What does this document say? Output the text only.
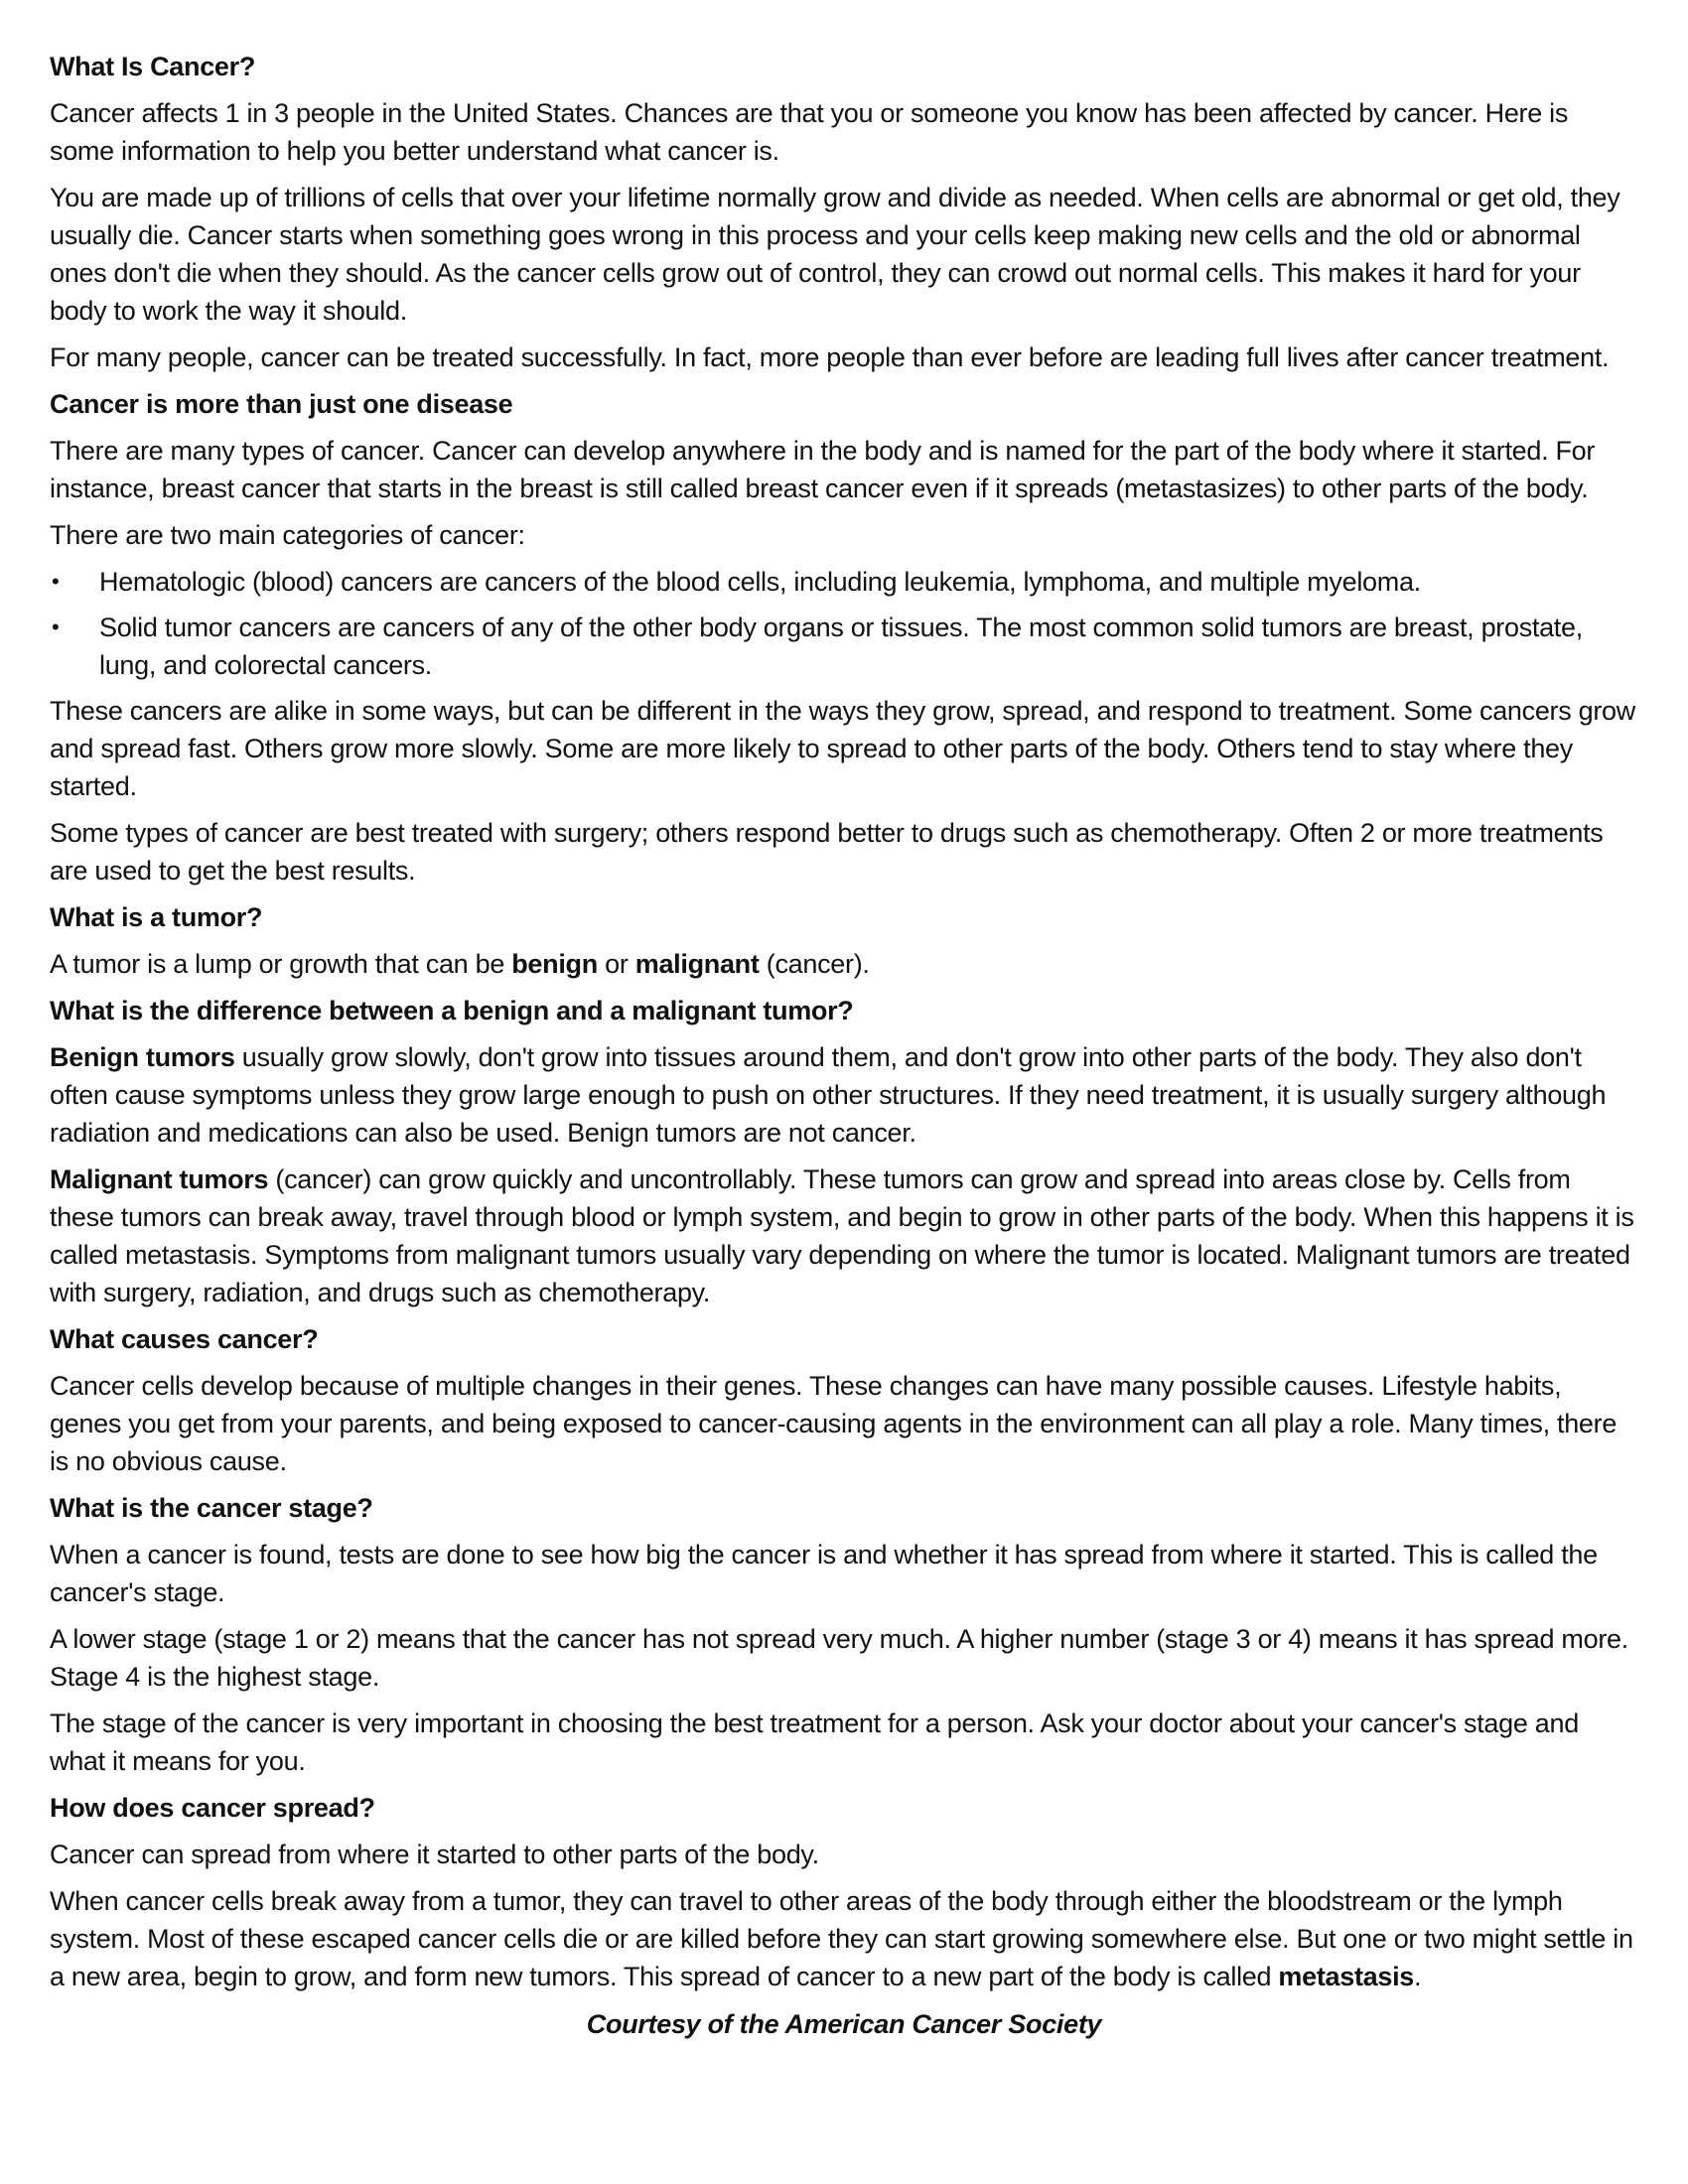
What Is Cancer?

Cancer affects 1 in 3 people in the United States. Chances are that you or someone you know has been affected by cancer. Here is some information to help you better understand what cancer is.

You are made up of trillions of cells that over your lifetime normally grow and divide as needed. When cells are abnormal or get old, they usually die. Cancer starts when something goes wrong in this process and your cells keep making new cells and the old or abnormal ones don't die when they should. As the cancer cells grow out of control, they can crowd out normal cells. This makes it hard for your body to work the way it should.

For many people, cancer can be treated successfully. In fact, more people than ever before are leading full lives after cancer treatment.

Cancer is more than just one disease

There are many types of cancer. Cancer can develop anywhere in the body and is named for the part of the body where it started. For instance, breast cancer that starts in the breast is still called breast cancer even if it spreads (metastasizes) to other parts of the body.

There are two main categories of cancer:

• Hematologic (blood) cancers are cancers of the blood cells, including leukemia, lymphoma, and multiple myeloma.
• Solid tumor cancers are cancers of any of the other body organs or tissues. The most common solid tumors are breast, prostate, lung, and colorectal cancers.

These cancers are alike in some ways, but can be different in the ways they grow, spread, and respond to treatment. Some cancers grow and spread fast. Others grow more slowly. Some are more likely to spread to other parts of the body. Others tend to stay where they started.

Some types of cancer are best treated with surgery; others respond better to drugs such as chemotherapy. Often 2 or more treatments are used to get the best results.

What is a tumor?

A tumor is a lump or growth that can be benign or malignant (cancer).

What is the difference between a benign and a malignant tumor?

Benign tumors usually grow slowly, don't grow into tissues around them, and don't grow into other parts of the body. They also don't often cause symptoms unless they grow large enough to push on other structures. If they need treatment, it is usually surgery although radiation and medications can also be used. Benign tumors are not cancer.

Malignant tumors (cancer) can grow quickly and uncontrollably. These tumors can grow and spread into areas close by. Cells from these tumors can break away, travel through blood or lymph system, and begin to grow in other parts of the body. When this happens it is called metastasis. Symptoms from malignant tumors usually vary depending on where the tumor is located. Malignant tumors are treated with surgery, radiation, and drugs such as chemotherapy.

What causes cancer?

Cancer cells develop because of multiple changes in their genes. These changes can have many possible causes. Lifestyle habits, genes you get from your parents, and being exposed to cancer-causing agents in the environment can all play a role. Many times, there is no obvious cause.

What is the cancer stage?

When a cancer is found, tests are done to see how big the cancer is and whether it has spread from where it started. This is called the cancer's stage.

A lower stage (stage 1 or 2) means that the cancer has not spread very much. A higher number (stage 3 or 4) means it has spread more. Stage 4 is the highest stage.

The stage of the cancer is very important in choosing the best treatment for a person. Ask your doctor about your cancer's stage and what it means for you.

How does cancer spread?

Cancer can spread from where it started to other parts of the body.

When cancer cells break away from a tumor, they can travel to other areas of the body through either the bloodstream or the lymph system. Most of these escaped cancer cells die or are killed before they can start growing somewhere else. But one or two might settle in a new area, begin to grow, and form new tumors. This spread of cancer to a new part of the body is called metastasis.

Courtesy of the American Cancer Society
